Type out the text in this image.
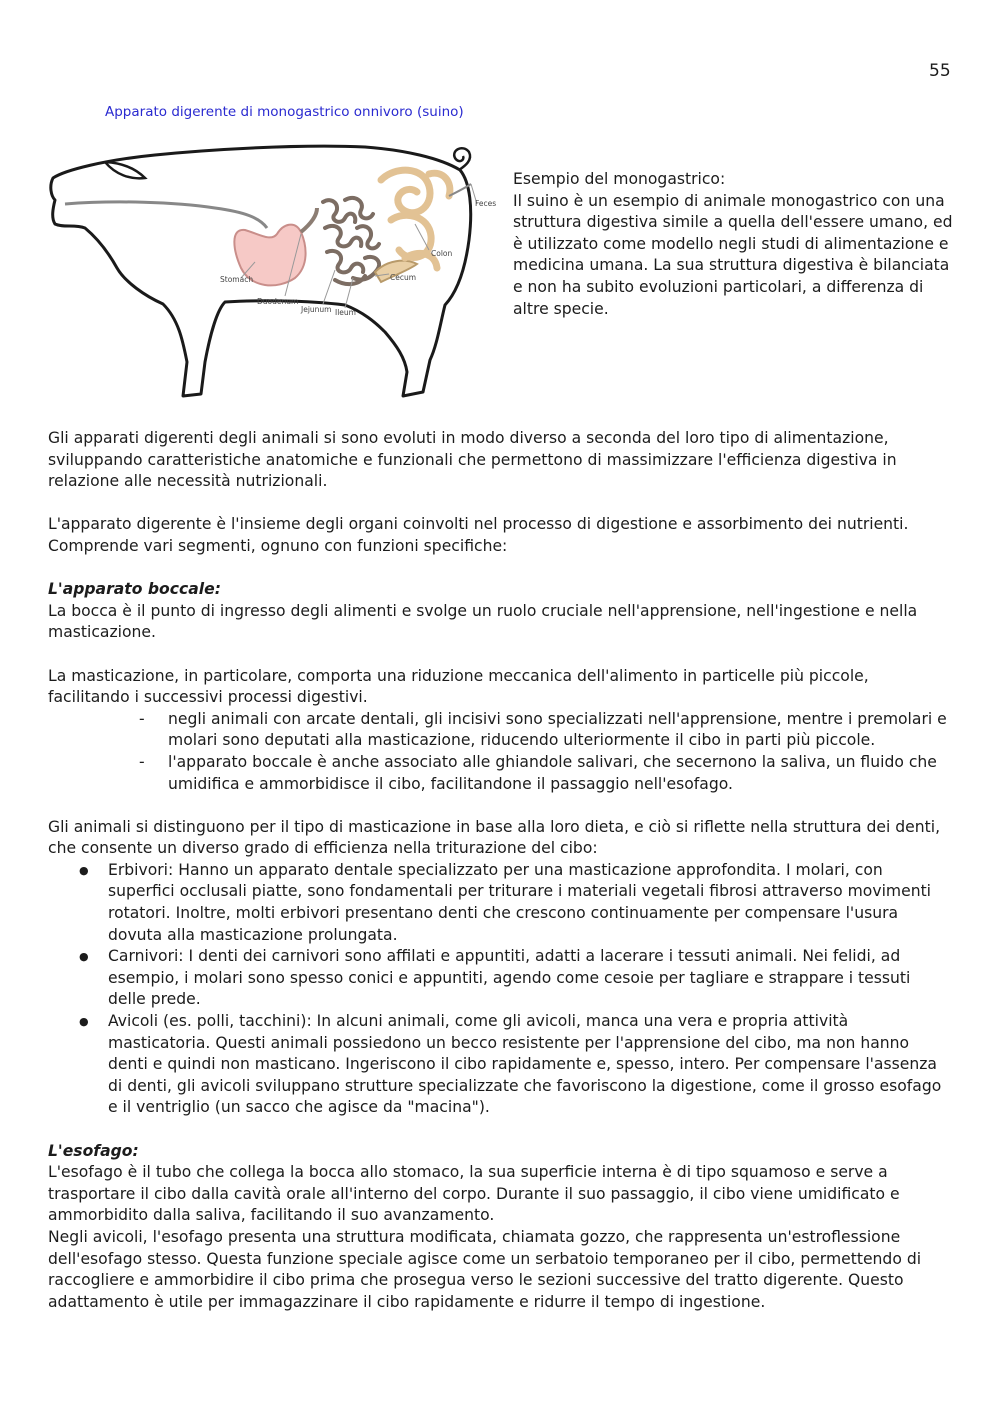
55
Apparato digerente di monogastrico onnivoro (suino)
Feces
Colon
Stomach	Cecum
Duodenum
Jejunum Ileum

Esempio del monogastrico:

Il suino è un esempio di animale monogastrico con una struttura digestiva simile a quella dell'essere umano, ed è utilizzato come modello negli studi di alimentazione e medicina umana. La sua struttura digestiva è bilanciata e non ha subito evoluzioni particolari, a differenza di altre specie.

Gli apparati digerenti degli animali si sono evoluti in modo diverso a seconda del loro tipo di alimentazione, sviluppando caratteristiche anatomiche e funzionali che permettono di massimizzare l'efficienza digestiva in relazione alle necessità nutrizionali.

L'apparato digerente è l'insieme degli organi coinvolti nel processo di digestione e assorbimento dei nutrienti. Comprende vari segmenti, ognuno con funzioni specifiche:

L'apparato boccale:

La bocca è il punto di ingresso degli alimenti e svolge un ruolo cruciale nell'apprensione, nell'ingestione e nella masticazione.

La masticazione, in particolare, comporta una riduzione meccanica dell'alimento in particelle più piccole, facilitando i successivi processi digestivi.

- negli animali con arcate dentali, gli incisivi sono specializzati nell'apprensione, mentre i premolari e molari sono deputati alla masticazione, riducendo ulteriormente il cibo in parti più piccole.
- l'apparato boccale è anche associato alle ghiandole salivari, che secernono la saliva, un fluido che umidifica e ammorbidisce il cibo, facilitandone il passaggio nell'esofago.

Gli animali si distinguono per il tipo di masticazione in base alla loro dieta, e ciò si riflette nella struttura dei denti, che consente un diverso grado di efficienza nella triturazione del cibo:

● Erbivori: Hanno un apparato dentale specializzato per una masticazione approfondita. I molari, con superfici occlusali piatte, sono fondamentali per triturare i materiali vegetali fibrosi attraverso movimenti rotatori. Inoltre, molti erbivori presentano denti che crescono continuamente per compensare l'usura dovuta alla masticazione prolungata.
● Carnivori: I denti dei carnivori sono affilati e appuntiti, adatti a lacerare i tessuti animali. Nei felidi, ad esempio, i molari sono spesso conici e appuntiti, agendo come cesoie per tagliare e strappare i tessuti delle prede.
● Avicoli (es. polli, tacchini): In alcuni animali, come gli avicoli, manca una vera e propria attività masticatoria. Questi animali possiedono un becco resistente per l'apprensione del cibo, ma non hanno denti e quindi non masticano. Ingeriscono il cibo rapidamente e, spesso, intero. Per compensare l'assenza di denti, gli avicoli sviluppano strutture specializzate che favoriscono la digestione, come il grosso esofago e il ventriglio (un sacco che agisce da "macina").

L'esofago:

L'esofago è il tubo che collega la bocca allo stomaco, la sua superficie interna è di tipo squamoso e serve a trasportare il cibo dalla cavità orale all'interno del corpo. Durante il suo passaggio, il cibo viene umidificato e ammorbidito dalla saliva, facilitando il suo avanzamento.

Negli avicoli, l'esofago presenta una struttura modificata, chiamata gozzo, che rappresenta un'estroflessione dell'esofago stesso. Questa funzione speciale agisce come un serbatoio temporaneo per il cibo, permettendo di raccogliere e ammorbidire il cibo prima che prosegua verso le sezioni successive del tratto digerente. Questo adattamento è utile per immagazzinare il cibo rapidamente e ridurre il tempo di ingestione.
